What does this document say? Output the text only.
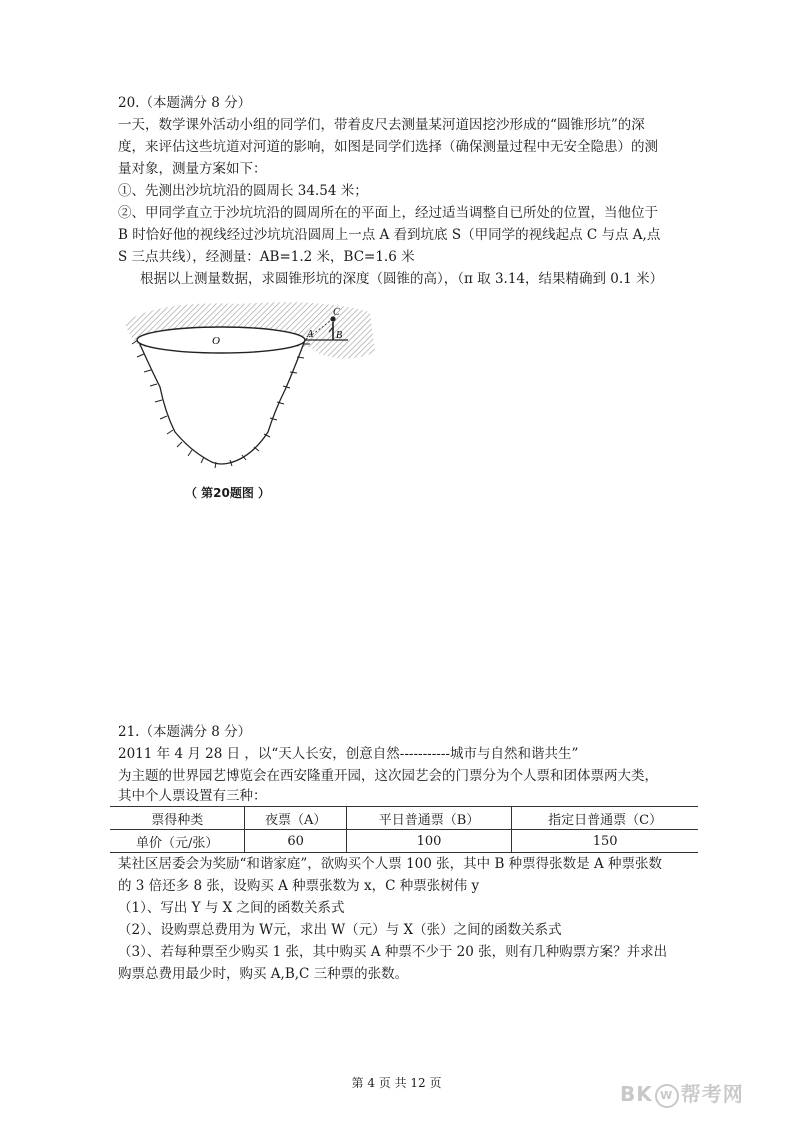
20.（本题满分 8 分）
一天，数学课外活动小组的同学们，带着皮尺去测量某河道因挖沙形成的“圆锥形坑”的深
度，来评估这些坑道对河道的影响，如图是同学们选择（确保测量过程中无安全隐患）的测
量对象，测量方案如下：
①、先测出沙坑坑沿的圆周长 34.54 米；
②、甲同学直立于沙坑坑沿的圆周所在的平面上，经过适当调整自已所处的位置，当他位于
B 时恰好他的视线经过沙坑坑沿圆周上一点 A 看到坑底 S（甲同学的视线起点 C 与点 A,点
S 三点共线），经测量：AB=1.2 米，BC=1.6 米
根据以上测量数据，求圆锥形坑的深度（圆锥的高），（π 取 3.14，结果精确到 0.1 米）
O
A B
C
（ 第20题图 ）
21.（本题满分 8 分）
2011 年 4 月 28 日 ，以“天人长安，创意自然-----------城市与自然和谐共生”
为主题的世界园艺博览会在西安隆重开园，这次园艺会的门票分为个人票和团体票两大类，
其中个人票设置有三种：
票得种类	夜票（A）	平日普通票（B）	指定日普通票（C）
单价（元/张）	60	100	150
某社区居委会为奖励“和谐家庭”，欲购买个人票 100 张，其中 B 种票得张数是 A 种票张数
的 3 倍还多 8 张，设购买 A 种票张数为 x，C 种票张树伟 y
（1）、写出 Y 与 X 之间的函数关系式
（2）、设购票总费用为 W元，求出 W（元）与 X（张）之间的函数关系式
（3）、若每种票至少购买 1 张，其中购买 A 种票不少于 20 张，则有几种购票方案？并求出
购票总费用最少时，购买 A,B,C 三种票的张数。
第 4 页 共 12 页	BK W 帮考网
